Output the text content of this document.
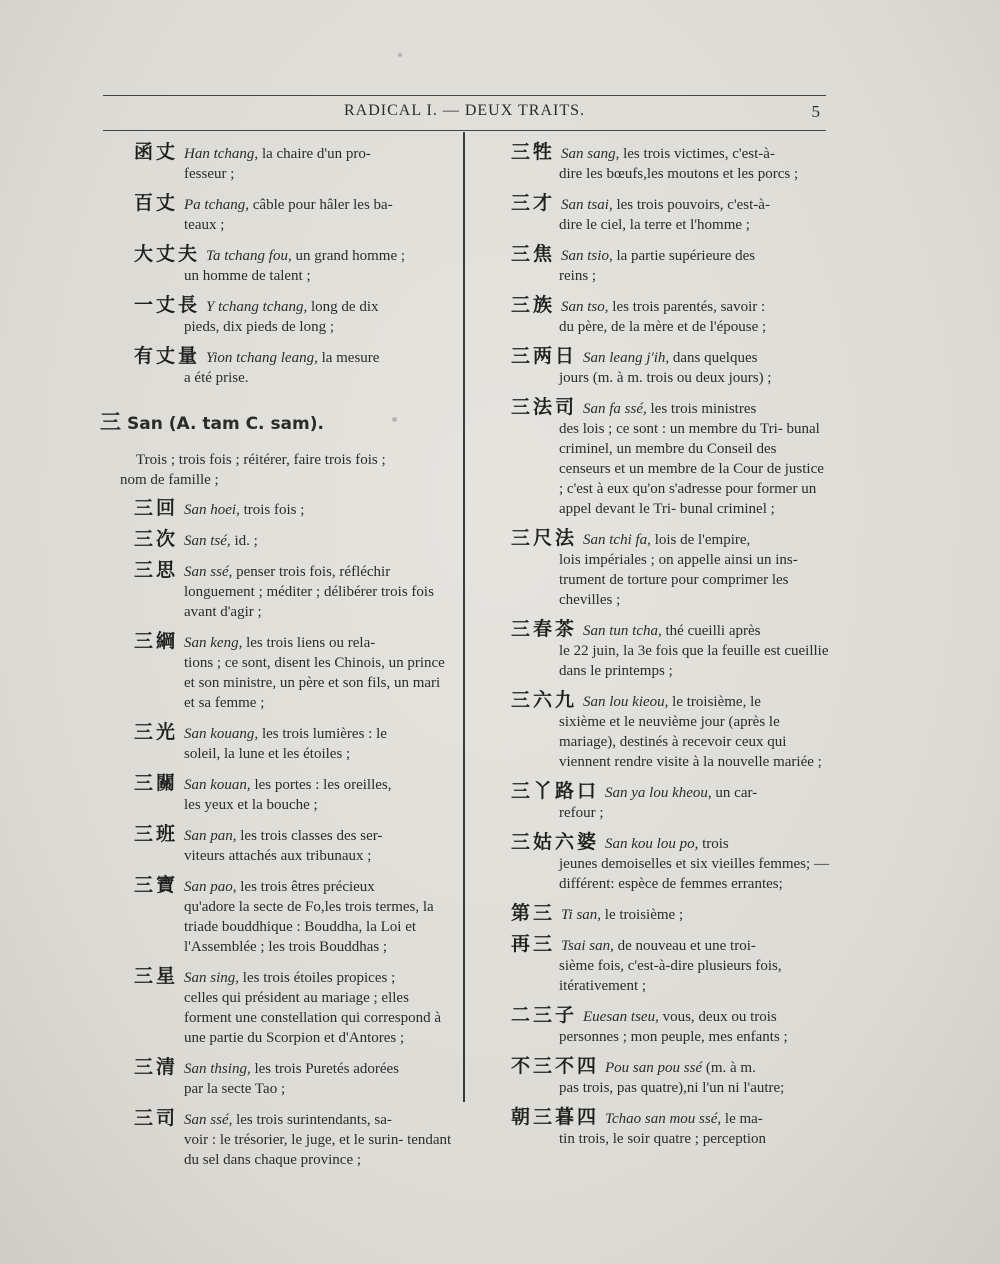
RADICAL I. — DEUX TRAITS.	5
函丈 Han tchang, la chaire d'un pro-
fesseur ;
百丈 Pa tchang, câble pour hâler les ba-
teaux ;
大丈夫 Ta tchang fou, un grand homme ;
un homme de talent ;
一丈長 Y tchang tchang, long de dix
pieds, dix pieds de long ;
有丈量 Yion tchang leang, la mesure
a été prise.
三 San (A. tam C. sam).
Trois ; trois fois ; réitérer, faire trois fois ;
nom de famille ;
三回 San hoei, trois fois ;
三次 San tsé, id. ;
三思 San ssé, penser trois fois, réfléchir
longuement ; méditer ; délibérer trois fois avant d'agir ;
三綱 San keng, les trois liens ou rela-
tions ; ce sont, disent les Chinois, un prince et son ministre, un père et son fils, un mari et sa femme ;
三光 San kouang, les trois lumières : le
soleil, la lune et les étoiles ;
三關 San kouan, les portes : les oreilles,
les yeux et la bouche ;
三班 San pan, les trois classes des ser-
viteurs attachés aux tribunaux ;
三寶 San pao, les trois êtres précieux
qu'adore la secte de Fo,les trois termes, la triade bouddhique : Bouddha, la Loi et l'Assemblée ; les trois Bouddhas ;
三星 San sing, les trois étoiles propices ;
celles qui président au mariage ; elles forment une constellation qui correspond à une partie du Scorpion et d'Antores ;
三清 San thsing, les trois Puretés adorées
par la secte Tao ;
三司 San ssé, les trois surintendants, sa-
voir : le trésorier, le juge, et le surin- tendant du sel dans chaque province ;
三牲 San sang, les trois victimes, c'est-à-
dire les bœufs,les moutons et les porcs ;
三才 San tsai, les trois pouvoirs, c'est-à-
dire le ciel, la terre et l'homme ;
三焦 San tsio, la partie supérieure des
reins ;
三族 San tso, les trois parentés, savoir :
du père, de la mère et de l'épouse ;
三两日 San leang j'ih, dans quelques
jours (m. à m. trois ou deux jours) ;
三法司 San fa ssé, les trois ministres
des lois ; ce sont : un membre du Tri- bunal criminel, un membre du Conseil des censeurs et un membre de la Cour de justice ; c'est à eux qu'on s'adresse pour former un appel devant le Tri- bunal criminel ;
三尺法 San tchi fa, lois de l'empire,
lois impériales ; on appelle ainsi un ins- trument de torture pour comprimer les chevilles ;
三春茶 San tun tcha, thé cueilli après
le 22 juin, la 3e fois que la feuille est cueillie dans le printemps ;
三六九 San lou kieou, le troisième, le
sixième et le neuvième jour (après le mariage), destinés à recevoir ceux qui viennent rendre visite à la nouvelle mariée ;
三丫路口 San ya lou kheou, un car-
refour ;
三姑六婆 San kou lou po, trois
jeunes demoiselles et six vieilles femmes; — différent: espèce de femmes errantes;
第三 Ti san, le troisième ;
再三 Tsai san, de nouveau et une troi-
sième fois, c'est-à-dire plusieurs fois, itérativement ;
二三子 Euesan tseu, vous, deux ou trois
personnes ; mon peuple, mes enfants ;
不三不四 Pou san pou ssé (m. à m.
pas trois, pas quatre),ni l'un ni l'autre;
朝三暮四 Tchao san mou ssé, le ma-
tin trois, le soir quatre ; perception
